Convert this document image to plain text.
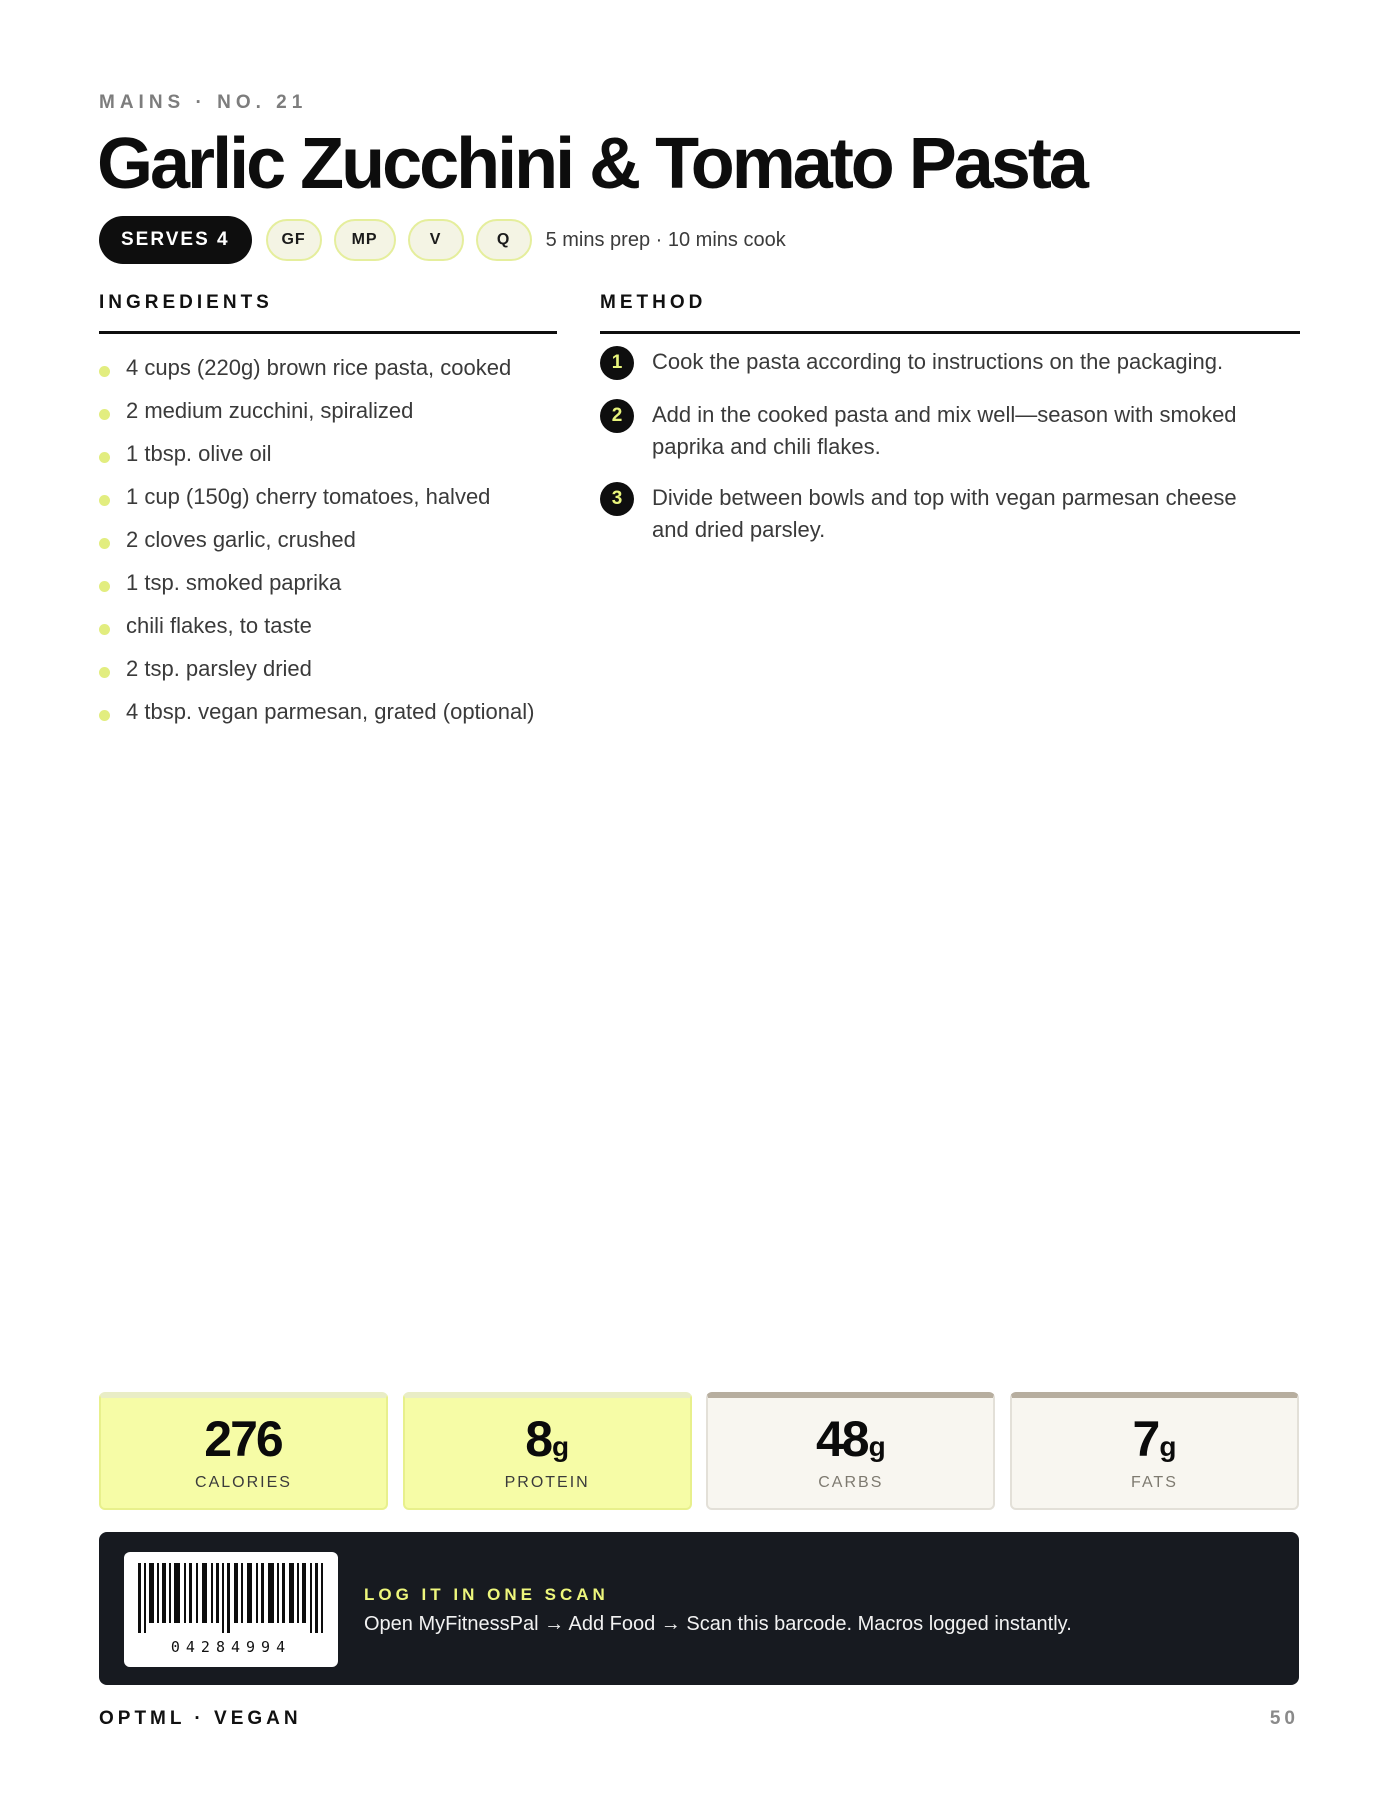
MAINS · NO. 21
Garlic Zucchini & Tomato Pasta
SERVES 4	GF	MP	V	Q	5 mins prep · 10 mins cook
INGREDIENTS	METHOD
4 cups (220g) brown rice pasta, cooked
2 medium zucchini, spiralized
1 tbsp. olive oil
1 cup (150g) cherry tomatoes, halved
2 cloves garlic, crushed
1 tsp. smoked paprika
chili flakes, to taste
2 tsp. parsley dried
4 tbsp. vegan parmesan, grated (optional)
1	Cook the pasta according to instructions on the packaging.
2	Add in the cooked pasta and mix well—season with smoked paprika and chili flakes.
3	Divide between bowls and top with vegan parmesan cheese and dried parsley.
276
CALORIES
8 g
PROTEIN
48 g
CARBS
7 g
FATS
04284994
LOG IT IN ONE SCAN
Open MyFitnessPal → Add Food → Scan this barcode. Macros logged instantly.
OPTML · VEGAN	50
